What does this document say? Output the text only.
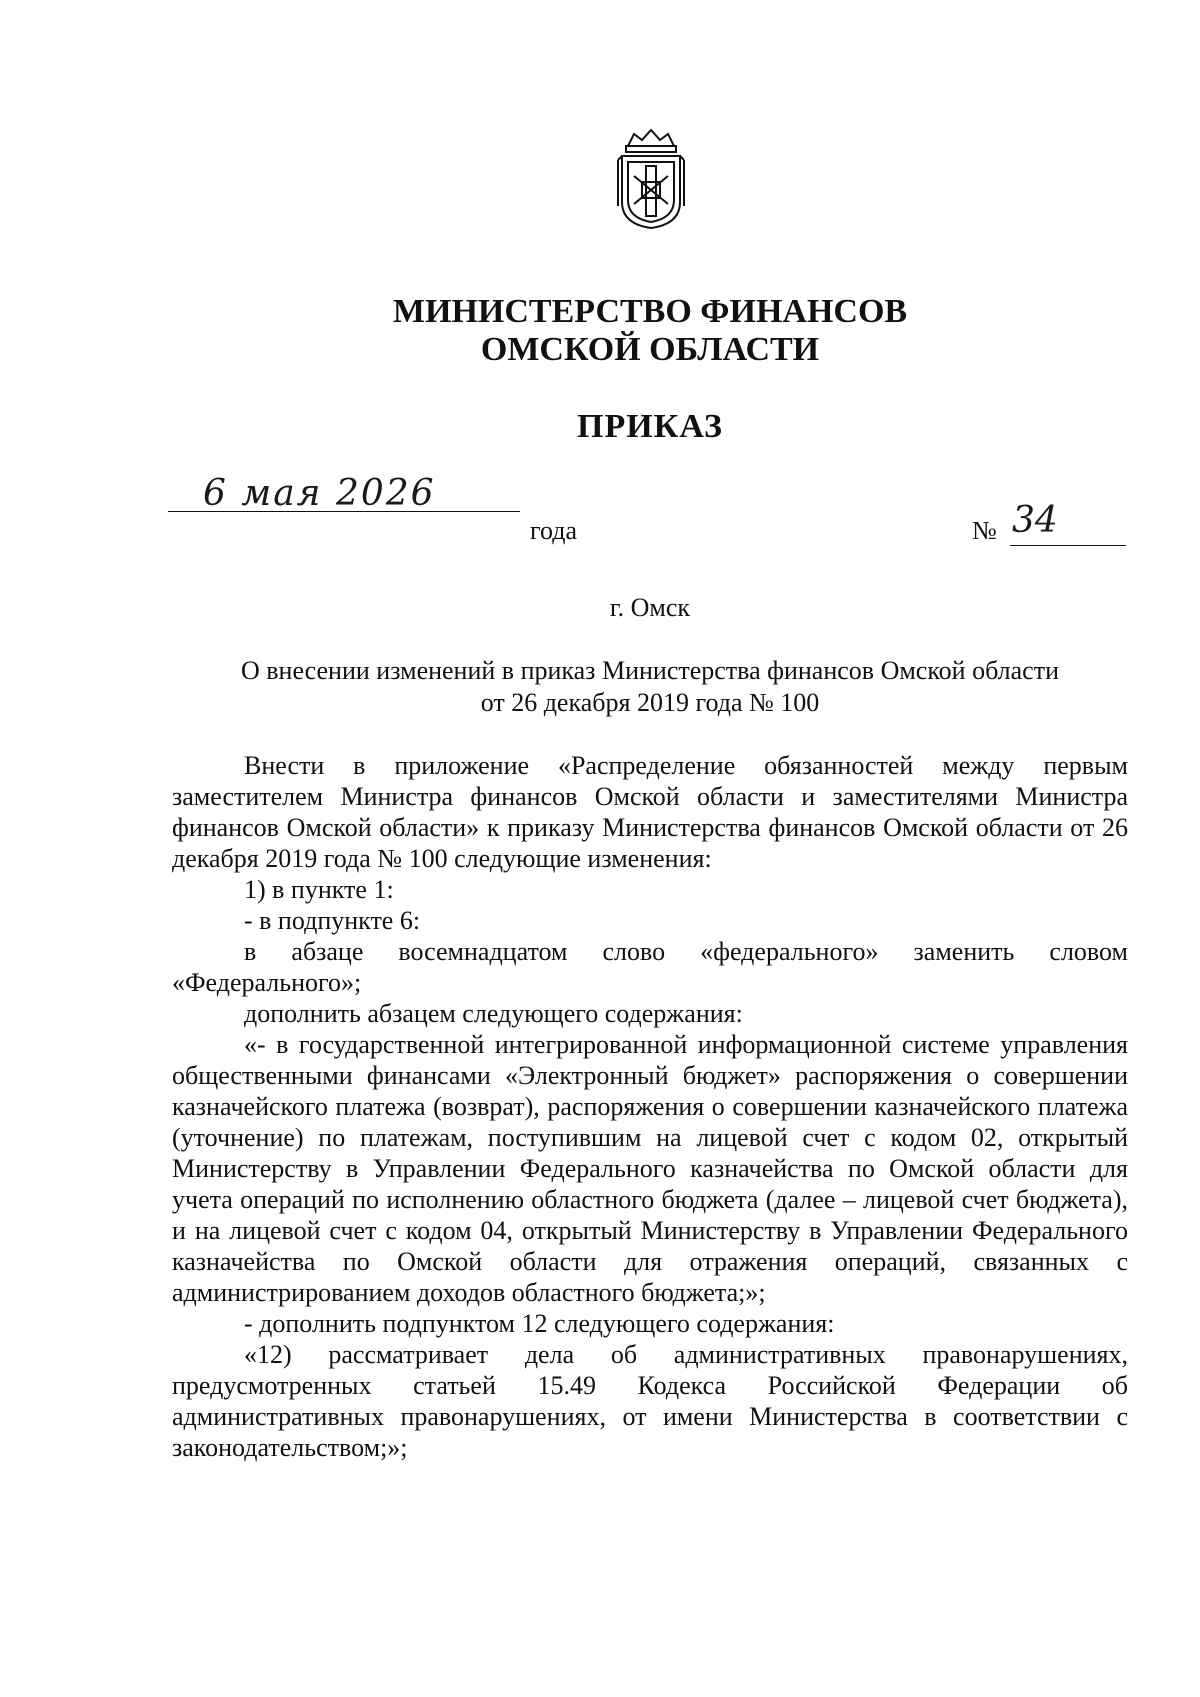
МИНИСТЕРСТВО ФИНАНСОВ
ОМСКОЙ ОБЛАСТИ
ПРИКАЗ
6 мая 2026
года	№ 34
г. Омск
О внесении изменений в приказ Министерства финансов Омской области
от 26 декабря 2019 года № 100

Внести в приложение «Распределение обязанностей между первым заместителем Министра финансов Омской области и заместителями Министра финансов Омской области» к приказу Министерства финансов Омской области от 26 декабря 2019 года № 100 следующие изменения:

1) в пункте 1:

- в подпункте 6:

в абзаце восемнадцатом слово «федерального» заменить словом «Федерального»;

дополнить абзацем следующего содержания:

«- в государственной интегрированной информационной системе управления общественными финансами «Электронный бюджет» распоряжения о совершении казначейского платежа (возврат), распоряжения о совершении казначейского платежа (уточнение) по платежам, поступившим на лицевой счет с кодом 02, открытый Министерству в Управлении Федерального казначейства по Омской области для учета операций по исполнению областного бюджета (далее – лицевой счет бюджета), и на лицевой счет с кодом 04, открытый Министерству в Управлении Федерального казначейства по Омской области для отражения операций, связанных с администрированием доходов областного бюджета;»;

- дополнить подпунктом 12 следующего содержания:

«12) рассматривает дела об административных правонарушениях, предусмотренных статьей 15.49 Кодекса Российской Федерации об административных правонарушениях, от имени Министерства в соответствии с законодательством;»;
